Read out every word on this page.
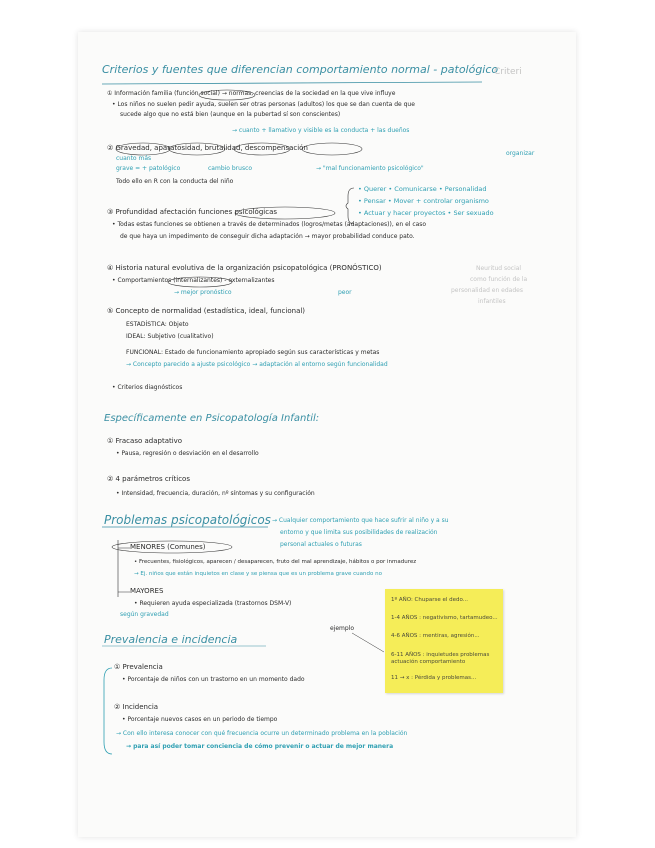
Criterios y fuentes que diferencian comportamiento normal - patológico
Criteri
① Información familia (función social) → normas, creencias de la sociedad en la que vive influye
• Los niños no suelen pedir ayuda, suelen ser otras personas (adultos) los que se dan cuenta de que
sucede algo que no está bien (aunque en la pubertad sí son conscientes)
→ cuanto + llamativo y visible es la conducta + las dueños
② Gravedad, aparatosidad, brutalidad, descompensación
organizar
cuanto más
grave = + patológico	cambio brusco	→ "mal funcionamiento psicológico"
Todo ello en R con la conducta del niño
• Querer • Comunicarse • Personalidad
• Pensar • Mover + controlar organismo
• Actuar y hacer proyectos • Ser sexuado
③ Profundidad afectación funciones psicológicas
• Todas estas funciones se obtienen a través de determinados (logros/metas (adaptaciones)), en el caso
de que haya un impedimento de conseguir dicha adaptación → mayor probabilidad conduce pato.
④ Historia natural evolutiva de la organización psicopatológica (PRONÓSTICO)	Neuritud social
• Comportamientos (internalizantes) - externalizantes	como función de la
→ mejor pronóstico	peor	personalidad en edades
infantiles
⑤ Concepto de normalidad (estadística, ideal, funcional)
ESTADÍSTICA: Objeto
IDEAL: Subjetivo (cualitativo)
FUNCIONAL: Estado de funcionamiento apropiado según sus características y metas
→ Concepto parecido a ajuste psicológico → adaptación al entorno según funcionalidad
• Criterios diagnósticos
Específicamente en Psicopatología Infantil:
① Fracaso adaptativo
• Pausa, regresión o desviación en el desarrollo
② 4 parámetros críticos
• Intensidad, frecuencia, duración, nº síntomas y su configuración
Problemas psicopatológicos → Cualquier comportamiento que hace sufrir al niño y a su
entorno y que limita sus posibilidades de realización
personal actuales o futuras
MENORES (Comunes)
• Frecuentes, fisiológicos, aparecen / desaparecen, fruto del mal aprendizaje, hábitos o por inmadurez
→ Ej. niños que están inquietos en clase y se piensa que es un problema grave cuando no
MAYORES
• Requieren ayuda especializada (trastornos DSM-V)
según gravedad
ejemplo
1º AÑO: Chuparse el dedo...
1-4 AÑOS : negativismo, tartamudeo...
4-6 AÑOS : mentiras, agresión...
6-11 AÑOS : inquietudes problemas actuación comportamiento
11 → x : Pérdida y problemas...
Prevalencia e incidencia
① Prevalencia
• Porcentaje de niños con un trastorno en un momento dado
② Incidencia
• Porcentaje nuevos casos en un periodo de tiempo
→ Con ello interesa conocer con qué frecuencia ocurre un determinado problema en la población
→ para así poder tomar conciencia de cómo prevenir o actuar de mejor manera
